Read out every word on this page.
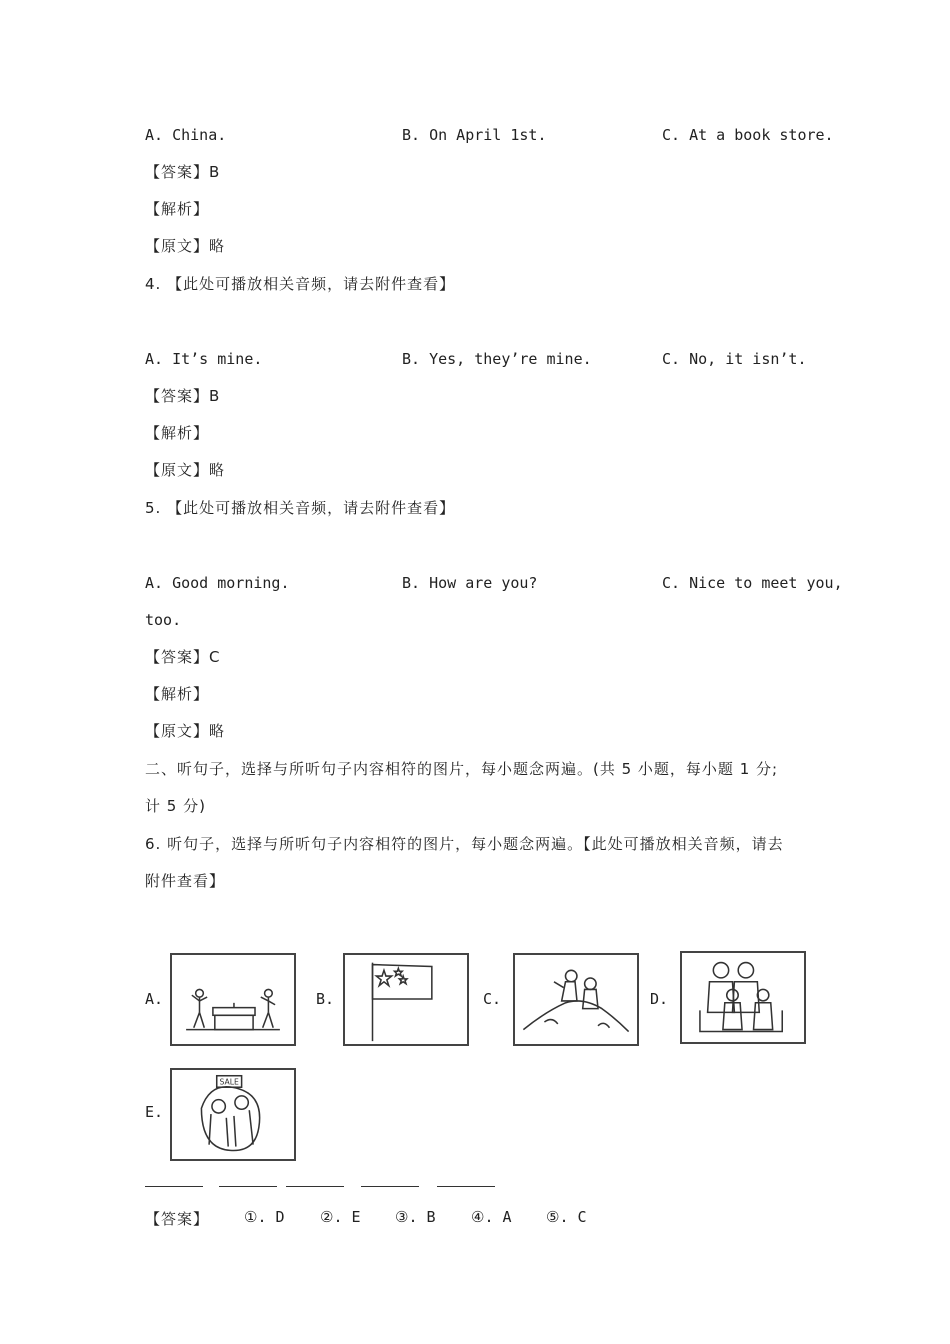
A. China.	B. On April 1st.	C. At a book store.
【答案】B
【解析】
【原文】略
4. 【此处可播放相关音频，请去附件查看】
A. It’s mine.	B. Yes, they’re mine.	C. No, it isn’t.
【答案】B
【解析】
【原文】略
5. 【此处可播放相关音频，请去附件查看】
A. Good morning.	B. How are you?	C. Nice to meet you,
too.
【答案】C
【解析】
【原文】略
二、听句子，选择与所听句子内容相符的图片，每小题念两遍。(共 5 小题，每小题 1 分;
计 5 分)
6. 听句子，选择与所听句子内容相符的图片，每小题念两遍。【此处可播放相关音频，请去
附件查看】
A.	B.	C.	D.
E.
SALE
【答案】 ①. D ②. E ③. B ④. A ⑤. C
